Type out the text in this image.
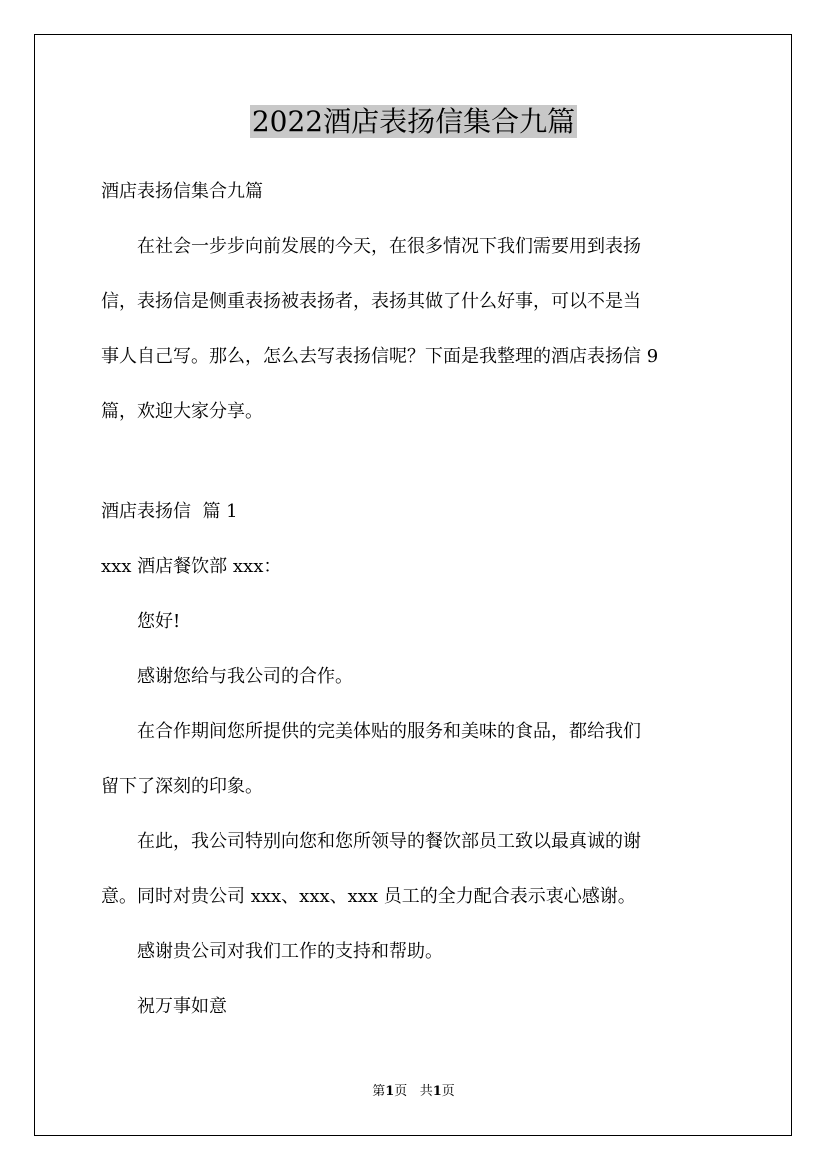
2022酒店表扬信集合九篇
酒店表扬信集合九篇
在社会一步步向前发展的今天，在很多情况下我们需要用到表扬
信，表扬信是侧重表扬被表扬者，表扬其做了什么好事，可以不是当
事人自己写。那么，怎么去写表扬信呢？下面是我整理的酒店表扬信 9
篇，欢迎大家分享。
酒店表扬信  篇 1
xxx 酒店餐饮部 xxx：
您好!
感谢您给与我公司的合作。
在合作期间您所提供的完美体贴的服务和美味的食品，都给我们
留下了深刻的印象。
在此，我公司特别向您和您所领导的餐饮部员工致以最真诚的谢
意。同时对贵公司 xxx、xxx、xxx 员工的全力配合表示衷心感谢。
感谢贵公司对我们工作的支持和帮助。
祝万事如意
第1页   共1页
